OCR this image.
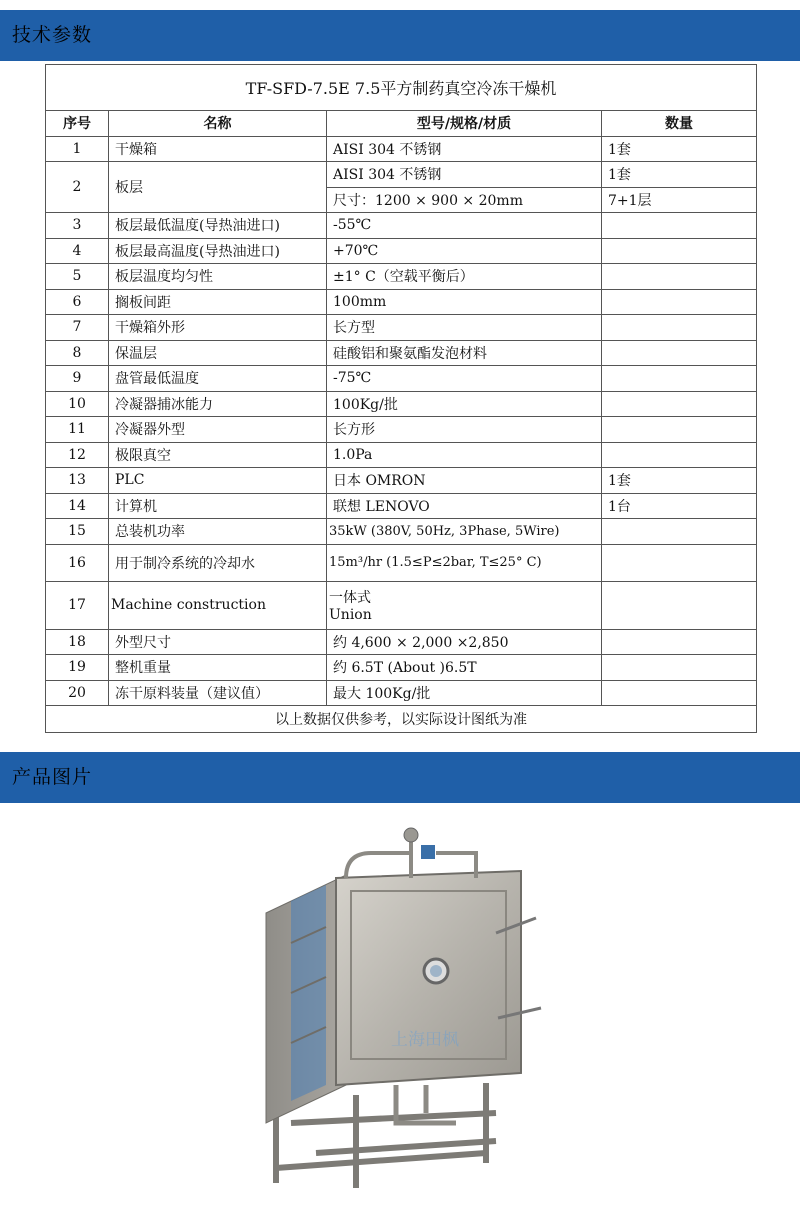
技术参数
TF-SFD-7.5E 7.5平方制药真空冷冻干燥机			
序号	名称	型号/规格/材质	数量
1	干燥箱	AISI 304 不锈钢	1套
2	板层	AISI 304 不锈钢	1套
		尺寸：1200 × 900 × 20mm	7+1层
3	板层最低温度(导热油进口)	-55℃	
4	板层最高温度(导热油进口)	+70℃	
5	板层温度均匀性	±1° C（空载平衡后）	
6	搁板间距	100mm	
7	干燥箱外形	长方型	
8	保温层	硅酸铝和聚氨酯发泡材料	
9	盘管最低温度	-75℃	
10	冷凝器捕冰能力	100Kg/批	
11	冷凝器外型	长方形	
12	极限真空	1.0Pa	
13	PLC	日本 OMRON	1套
14	计算机	联想 LENOVO	1台
15	总装机功率	35kW (380V, 50Hz, 3Phase, 5Wire)	
16	用于制冷系统的冷却水	15m³/hr (1.5≤P≤2bar, T≤25° C)	
17	Machine construction	一体式
Union	

18	外型尺寸	约 4,600 × 2,000 ×2,850	
19	整机重量	约 6.5T (About )6.5T	
20	冻干原料装量（建议值）	最大 100Kg/批	
以上数据仅供参考，以实际设计图纸为准			
产品图片
上海田枫
